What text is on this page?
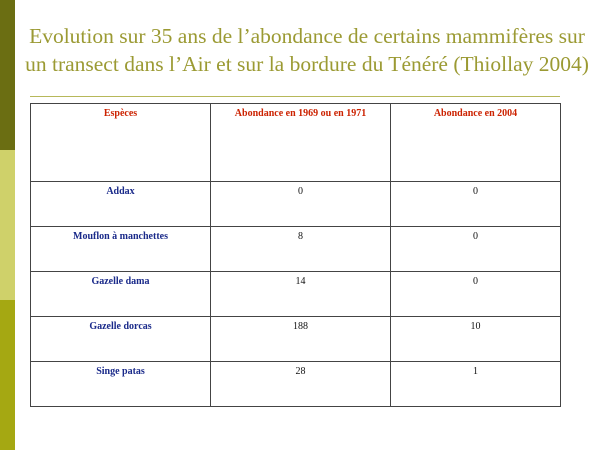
Evolution sur 35 ans de l’abondance de certains mammifères sur un transect dans l’Air et sur la bordure du Ténéré (Thiollay 2004)
Espèces	Abondance en 1969 ou en 1971	Abondance en 2004
Addax	0	0
Mouflon à manchettes	8	0
Gazelle dama	14	0
Gazelle dorcas	188	10
Singe patas	28	1
